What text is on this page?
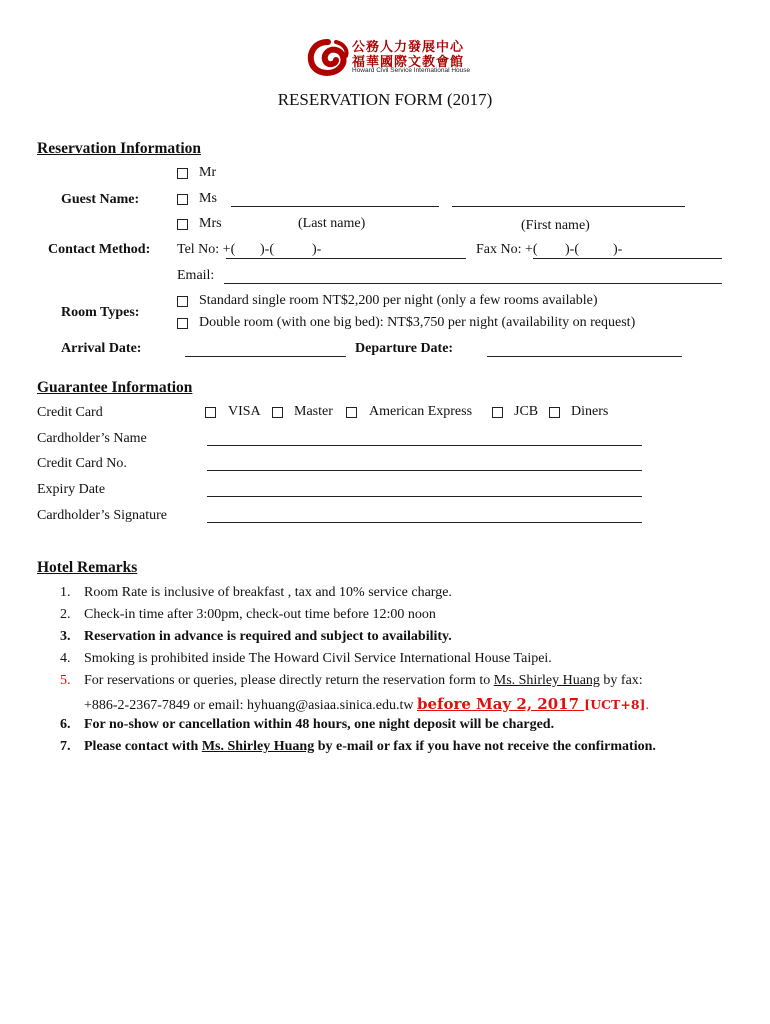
公務人力發展中心
福華國際文教會館
Howard Civil Service International House
RESERVATION FORM (2017)
Reservation Information
Mr
Guest Name:	Ms
Mrs	(Last name)	(First name)
Contact Method: Tel No: +( )-(	)-	Fax No: +( )-( )-
Email:
Room Types:
Standard single room NT$2,200 per night (only a few rooms available)
Double room (with one big bed): NT$3,750 per night (availability on request)
Arrival Date:	Departure Date:
Guarantee Information
Credit Card	VISA Master	American Express	JCB Diners
Cardholder’s Name
Credit Card No.
Expiry Date
Cardholder’s Signature
Hotel Remarks
1. Room Rate is inclusive of breakfast , tax and 10% service charge.
2. Check-in time after 3:00pm, check-out time before 12:00 noon
3. Reservation in advance is required and subject to availability.
4. Smoking is prohibited inside The Howard Civil Service International House Taipei.
5. For reservations or queries, please directly return the reservation form to Ms. Shirley Huang by fax:
+886-2-2367-7849 or email: hyhuang@asiaa.sinica.edu.tw before May 2, 2017 [UCT+8].
6. For no-show or cancellation within 48 hours, one night deposit will be charged.
7. Please contact with Ms. Shirley Huang by e-mail or fax if you have not receive the confirmation.
